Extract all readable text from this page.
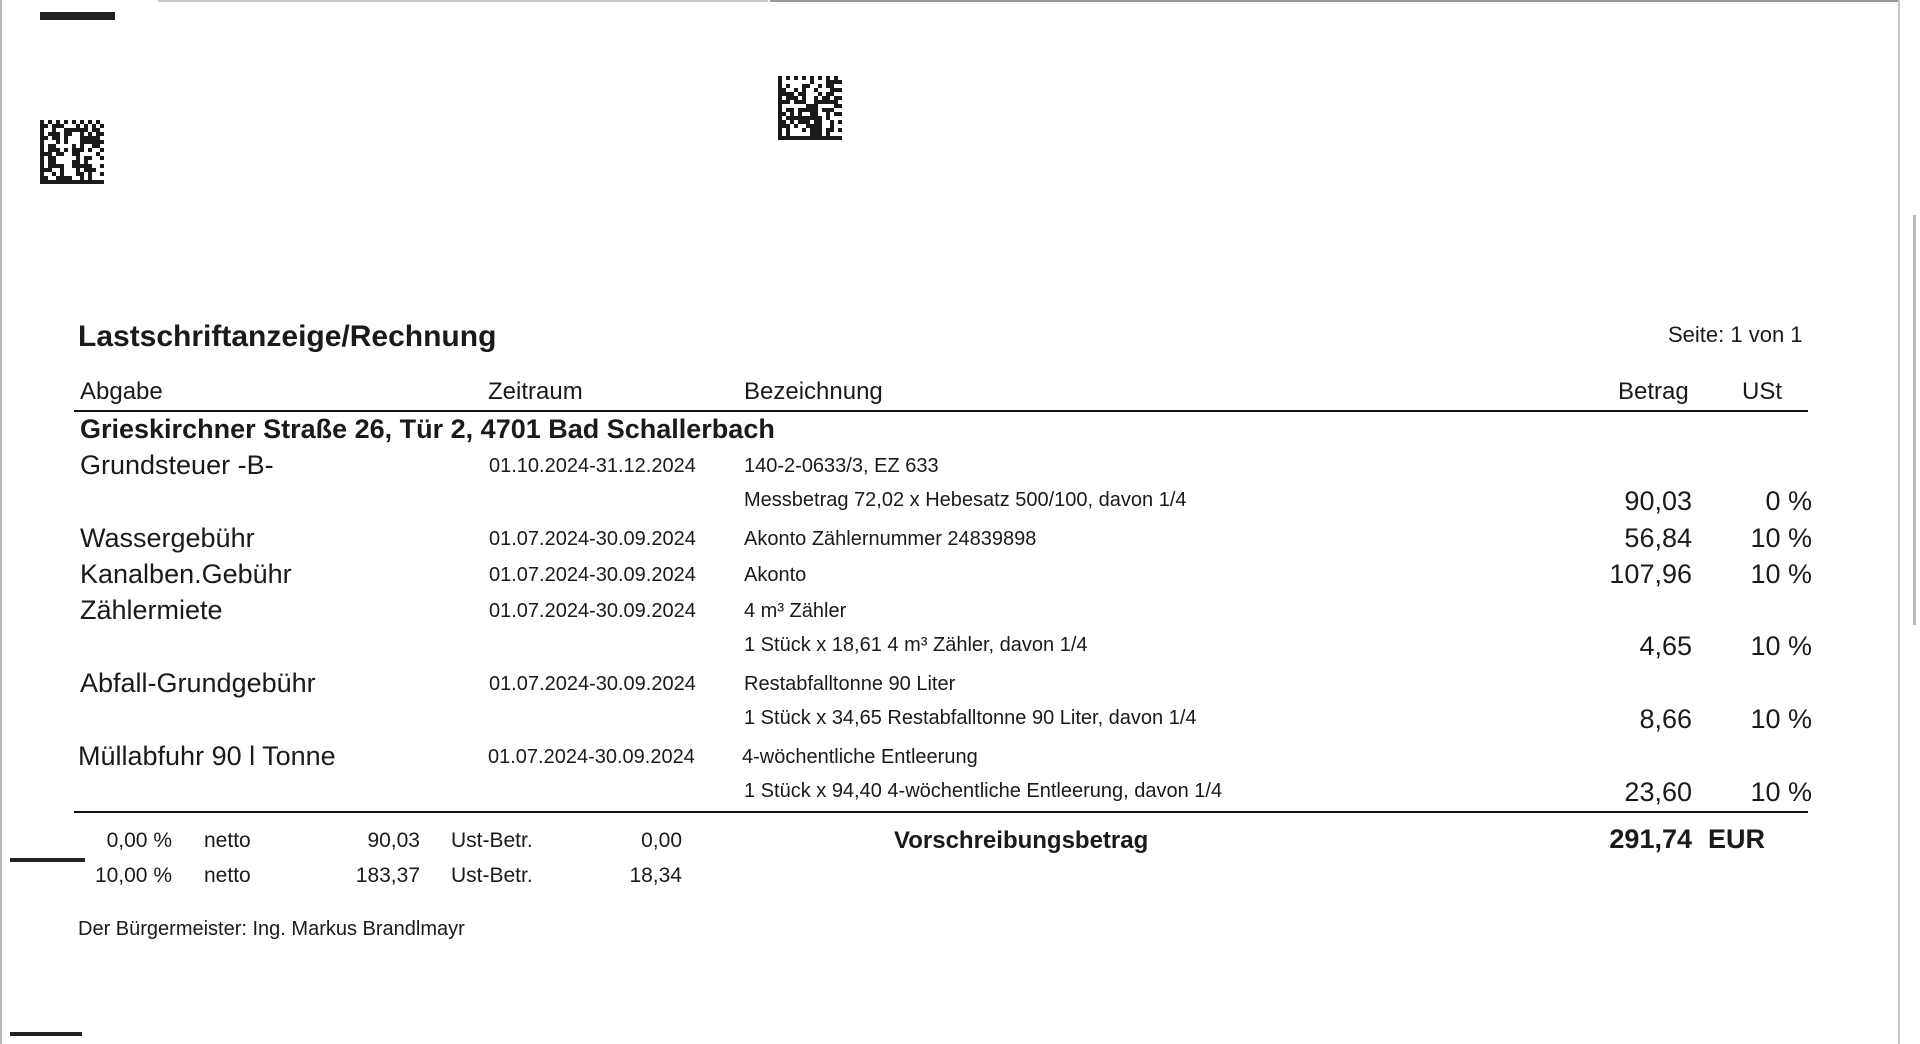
Lastschriftanzeige/Rechnung	Seite: 1 von 1
Abgabe	Zeitraum	Bezeichnung	Betrag USt
Grieskirchner Straße 26, Tür 2, 4701 Bad Schallerbach
Grundsteuer -B-	01.10.2024-31.12.2024 140-2-0633/3, EZ 633
Messbetrag 72,02 x Hebesatz 500/100, davon 1/4	90,03	0 %
Wassergebühr	01.07.2024-30.09.2024 Akonto Zählernummer 24839898	56,84	10 %
Kanalben.Gebühr	01.07.2024-30.09.2024 Akonto	107,96	10 %
Zählermiete	01.07.2024-30.09.2024 4 m³ Zähler
1 Stück x 18,61 4 m³ Zähler, davon 1/4	4,65	10 %
Abfall-Grundgebühr	01.07.2024-30.09.2024 Restabfalltonne 90 Liter
1 Stück x 34,65 Restabfalltonne 90 Liter, davon 1/4	8,66	10 %
Müllabfuhr 90 l Tonne	01.07.2024-30.09.2024 4-wöchentliche Entleerung
1 Stück x 94,40 4-wöchentliche Entleerung, davon 1/4	23,60	10 %
0,00 % netto	90,03 Ust-Betr.	0,00
10,00 % netto	183,37 Ust-Betr.	18,34
Vorschreibungsbetrag	291,74 EUR
Der Bürgermeister: Ing. Markus Brandlmayr
